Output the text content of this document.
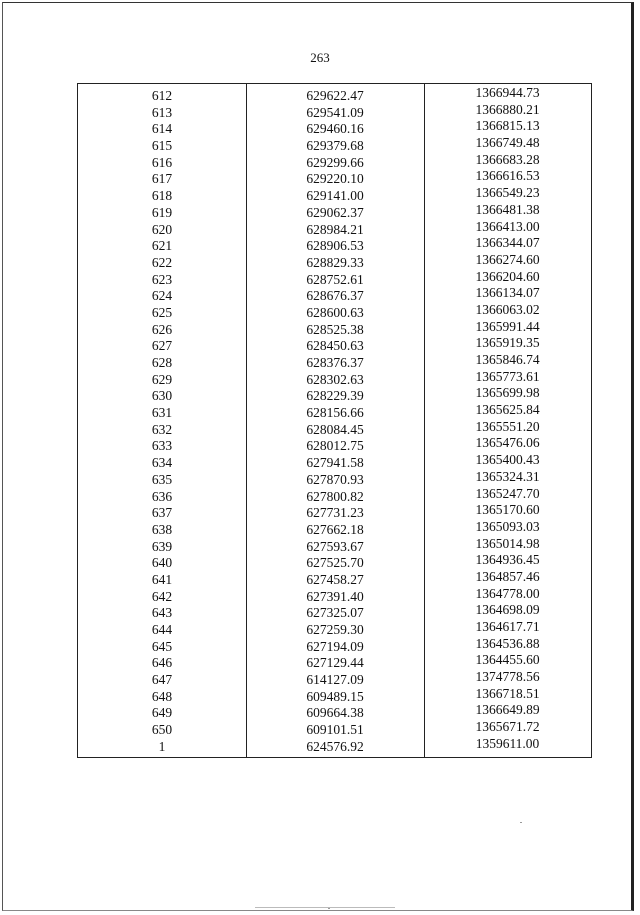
263
612	629622.47	1366944.73
613	629541.09	1366880.21
614	629460.16	1366815.13
615	629379.68	1366749.48
616	629299.66	1366683.28
617	629220.10	1366616.53
618	629141.00	1366549.23
619	629062.37	1366481.38
620	628984.21	1366413.00
621	628906.53	1366344.07
622	628829.33	1366274.60
623	628752.61	1366204.60
624	628676.37	1366134.07
625	628600.63	1366063.02
626	628525.38	1365991.44
627	628450.63	1365919.35
628	628376.37	1365846.74
629	628302.63	1365773.61
630	628229.39	1365699.98
631	628156.66	1365625.84
632	628084.45	1365551.20
633	628012.75	1365476.06
634	627941.58	1365400.43
635	627870.93	1365324.31
636	627800.82	1365247.70
637	627731.23	1365170.60
638	627662.18	1365093.03
639	627593.67	1365014.98
640	627525.70	1364936.45
641	627458.27	1364857.46
642	627391.40	1364778.00
643	627325.07	1364698.09
644	627259.30	1364617.71
645	627194.09	1364536.88
646	627129.44	1364455.60
647	614127.09	1374778.56
648	609489.15	1366718.51
649	609664.38	1366649.89
650	609101.51	1365671.72
1	624576.92	1359611.00
